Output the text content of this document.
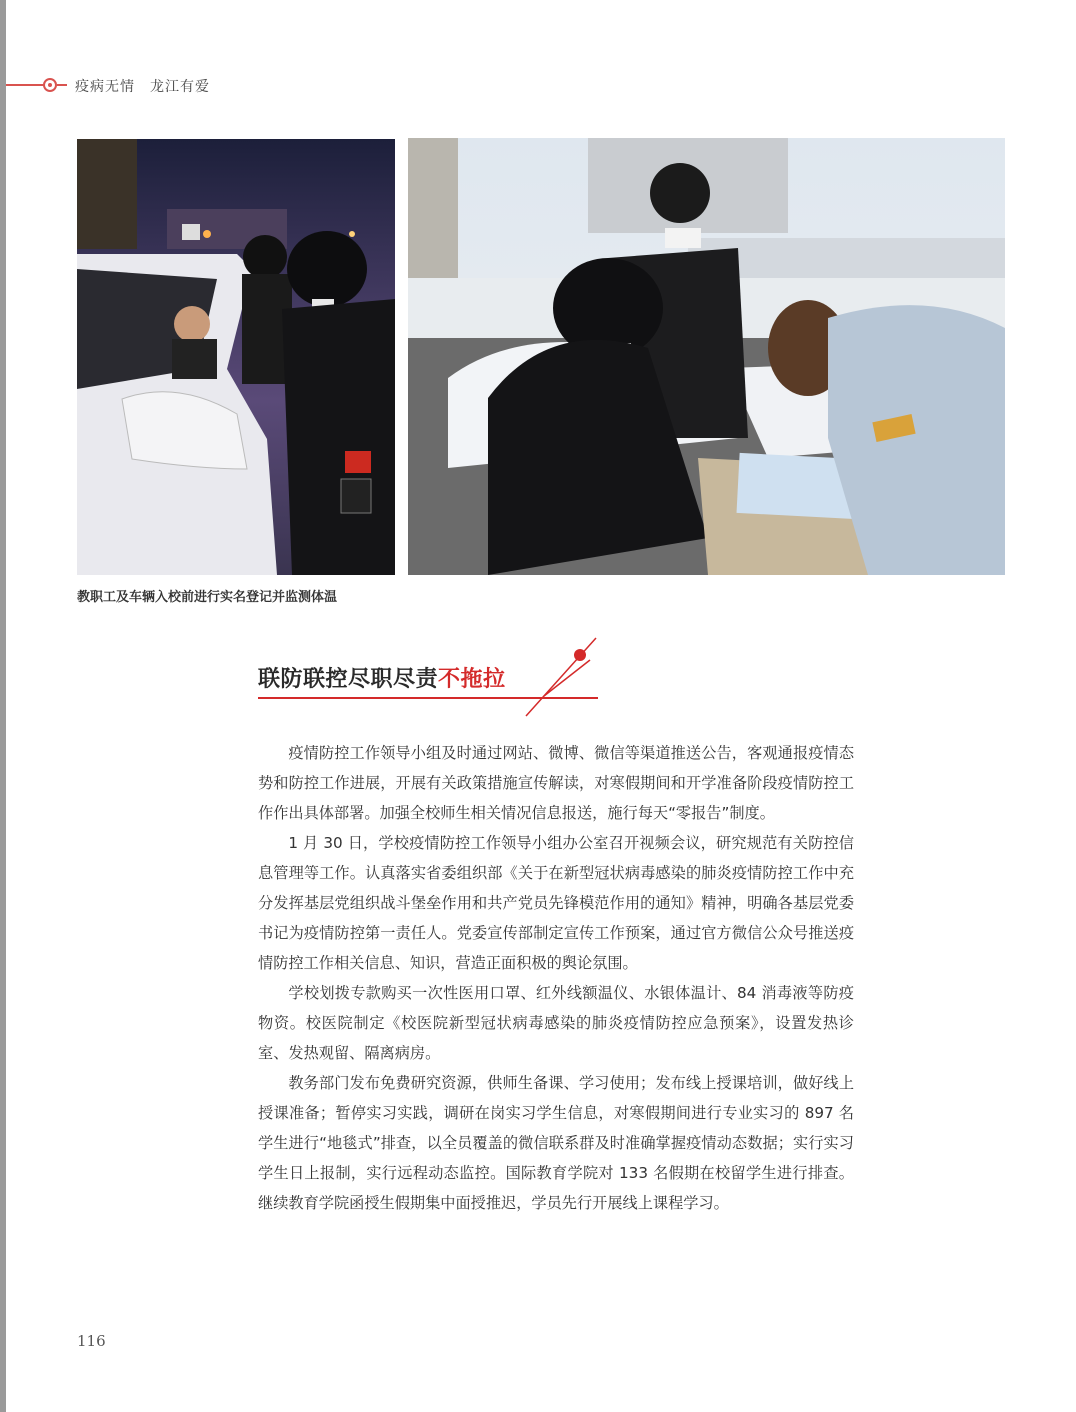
疫病无情　龙江有爱
教职工及车辆入校前进行实名登记并监测体温
联防联控尽职尽责不拖拉

疫情防控工作领导小组及时通过网站、微博、微信等渠道推送公告，客观通报疫情态势和防控工作进展，开展有关政策措施宣传解读，对寒假期间和开学准备阶段疫情防控工作作出具体部署。加强全校师生相关情况信息报送，施行每天“零报告”制度。

1 月 30 日，学校疫情防控工作领导小组办公室召开视频会议，研究规范有关防控信息管理等工作。认真落实省委组织部《关于在新型冠状病毒感染的肺炎疫情防控工作中充分发挥基层党组织战斗堡垒作用和共产党员先锋模范作用的通知》精神，明确各基层党委书记为疫情防控第一责任人。党委宣传部制定宣传工作预案，通过官方微信公众号推送疫情防控工作相关信息、知识，营造正面积极的舆论氛围。

学校划拨专款购买一次性医用口罩、红外线额温仪、水银体温计、84 消毒液等防疫物资。校医院制定《校医院新型冠状病毒感染的肺炎疫情防控应急预案》，设置发热诊室、发热观留、隔离病房。

教务部门发布免费研究资源，供师生备课、学习使用；发布线上授课培训，做好线上授课准备；暂停实习实践，调研在岗实习学生信息，对寒假期间进行专业实习的 897 名学生进行“地毯式”排查，以全员覆盖的微信联系群及时准确掌握疫情动态数据；实行实习学生日上报制，实行远程动态监控。国际教育学院对 133 名假期在校留学生进行排查。继续教育学院函授生假期集中面授推迟，学员先行开展线上课程学习。

116
